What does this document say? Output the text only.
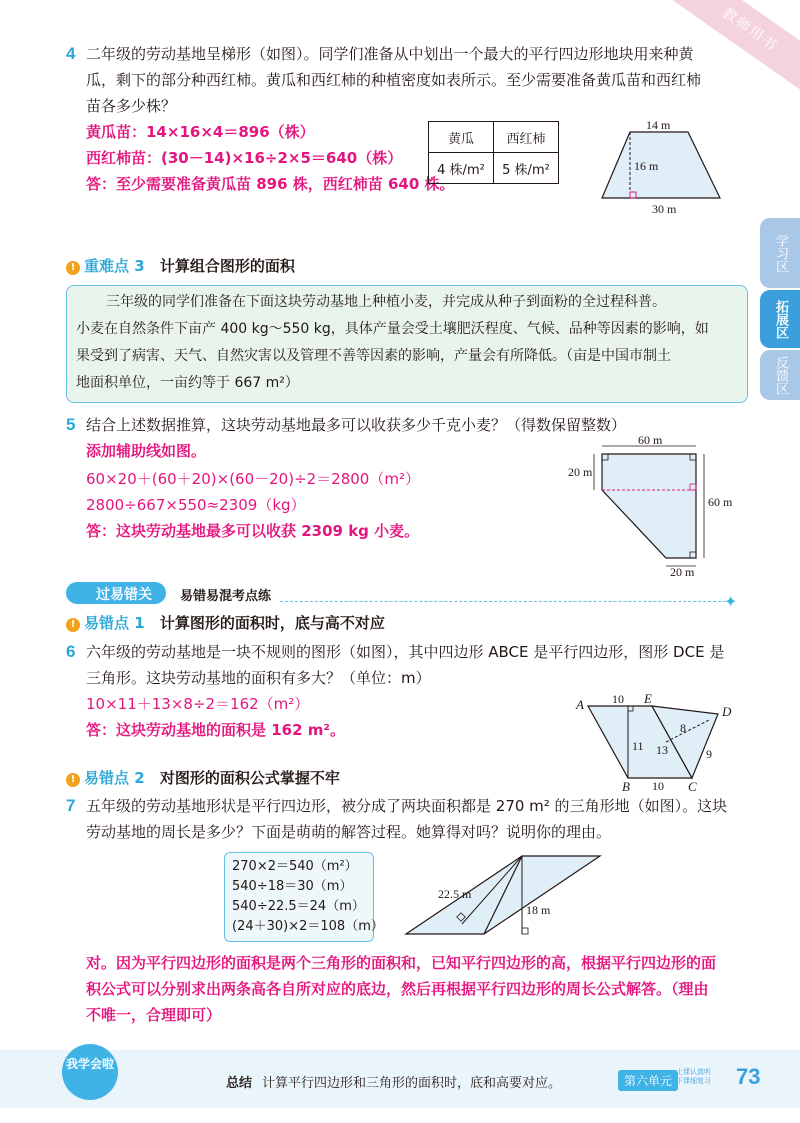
教师用书
学习区
拓展区
反馈区
4 二年级的劳动基地呈梯形（如图）。同学们准备从中划出一个最大的平行四边形地块用来种黄
瓜，剩下的部分种西红柿。黄瓜和西红柿的种植密度如表所示。至少需要准备黄瓜苗和西红柿
苗各多少株？
黄瓜苗：14×16×4＝896（株）
西红柿苗：(30－14)×16÷2×5＝640（株）
答：至少需要准备黄瓜苗 896 株，西红柿苗 640 株。
黄瓜	西红柿
4 株/m²	5 株/m²
14 m
16 m
30 m
! 重难点 3 计算组合图形的面积
三年级的同学们准备在下面这块劳动基地上种植小麦，并完成从种子到面粉的全过程科普。
小麦在自然条件下亩产 400 kg～550 kg，具体产量会受土壤肥沃程度、气候、品种等因素的影响，如
果受到了病害、天气、自然灾害以及管理不善等因素的影响，产量会有所降低。（亩是中国市制土
地面积单位，一亩约等于 667 m²）
5 结合上述数据推算，这块劳动基地最多可以收获多少千克小麦？（得数保留整数）
添加辅助线如图。
60×20＋(60＋20)×(60－20)÷2＝2800（m²）
2800÷667×550≈2309（kg）
答：这块劳动基地最多可以收获 2309 kg 小麦。
60 m
20 m
60 m
20 m
过易错关 易错易混考点练	✦
! 易错点 1 计算图形的面积时，底与高不对应
6 六年级的劳动基地是一块不规则的图形（如图），其中四边形 ABCE 是平行四边形，图形 DCE 是
三角形。这块劳动基地的面积有多大？（单位：m）
10×11＋13×8÷2＝162（m²）
答：这块劳动基地的面积是 162 m²。
A	E
D
B	C
10
11 13
8
9
10
! 易错点 2 对图形的面积公式掌握不牢
7 五年级的劳动基地形状是平行四边形，被分成了两块面积都是 270 m² 的三角形地（如图）。这块
劳动基地的周长是多少？下面是萌萌的解答过程。她算得对吗？说明你的理由。
270×2＝540（m²）
540÷18＝30（m）
540÷22.5＝24（m）
(24＋30)×2＝108（m）
22.5 m
18 m
对。因为平行四边形的面积是两个三角形的面积和，已知平行四边形的高，根据平行四边形的面
积公式可以分别求出两条高各自所对应的底边，然后再根据平行四边形的周长公式解答。（理由
不唯一，合理即可）
我学会啦
总结 计算平行四边形和三角形的面积时，底和高要对应。	第六单元
上课认真听 下课细复习	73
